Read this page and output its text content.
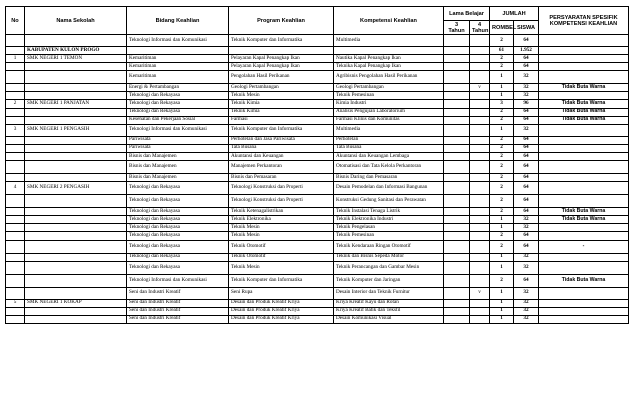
No	Nama Sekolah	Bidang Keahlian	Program Keahlian	Kompetensi Keahlian	Lama Belajar		JUMLAH		PERSYARATAN SPESIFIK KOMPETENSI KEAHLIAN
					3 Tahun	4 Tahun	ROMBEL	SISWA	
		Teknologi Informasi dan Komunikasi	Teknik Komputer dan Informatika	Multimedia			2	64	
	KABUPATEN KULON PROGO						61	1.952	
1	SMK NEGERI 1 TEMON	Kemaritiman	Pelayaran Kapal Penangkap Ikan	Nautika Kapal Penangkap Ikan			2	64	
		Kemaritiman	Pelayaran Kapal Penangkap Ikan	Teknika Kapal Penangkap Ikan			2	64	
		Kemaritiman	Pengolahan Hasil Perikanan	Agribisnis Pengolahan Hasil Perikanan			1	32	
		Energi & Pertambangan	Geologi Pertambangan	Geologi Pertambangan		v	1	32	Tidak Buta Warna
		Teknologi dan Rekayasa	Teknik Mesin	Teknik Pemesinan			1	32	
2	SMK NEGERI 1 PANJATAN	Teknologi dan Rekayasa	Teknik Kimia	Kimia Industri			3	96	Tidak Buta Warna
		Teknologi dan Rekayasa	Teknik Kimia	Analisis Pengujian Laboratorium			2	64	Tidak Buta Warna
		Kesehatan dan Pekerjaan Sosial	Farmasi	Farmasi Klinis dan Komunitas			2	64	Tidak Buta Warna
3	SMK NEGERI 1 PENGASIH	Teknologi Informasi dan Komunikasi	Teknik Komputer dan Informatika	Multimedia			1	32	
		Pariwisata	Perhotelan dan Jasa Pariwisata	Perhotelan			2	64	
		Pariwisata	Tata Busana	Tata Busana			2	64	
		Bisnis dan Manajemen	Akuntansi dan Keuangan	Akuntansi dan Keuangan Lembaga			2	64	
		Bisnis dan Manajemen	Manajemen Perkantoran	Otomatisasi dan Tata Kelola Perkantoran			2	64	
		Bisnis dan Manajemen	Bisnis dan Pemasaran	Bisnis Daring dan Pemasaran			2	64	
4	SMK NEGERI 2 PENGASIH	Teknologi dan Rekayasa	Teknologi Konstruksi dan Properti	Desain Pemodelan dan Informasi Bangunan			2	64	
		Teknologi dan Rekayasa	Teknologi Konstruksi dan Properti	Konstruksi Gedung Sanitasi dan Perawatan			2	64	
		Teknologi dan Rekayasa	Teknik Ketenagalistrikan	Teknik Instalasi Tenaga Listrik			2	64	Tidak Buta Warna
		Teknologi dan Rekayasa	Teknik Elektronika	Teknik Elektronika Industri			1	32	Tidak Buta Warna
		Teknologi dan Rekayasa	Teknik Mesin	Teknik Pengelasan			1	32	
		Teknologi dan Rekayasa	Teknik Mesin	Teknik Pemesinan			2	64	
		Teknologi dan Rekayasa	Teknik Otomotif	Teknik Kendaraan Ringan Otomotif			2	64	-
		Teknologi dan Rekayasa	Teknik Otomotif	Teknik dan Bisnis Sepeda Motor			1	32	
		Teknologi dan Rekayasa	Teknik Mesin	Teknik Perancangan dan Gambar Mesin			1	32	
		Teknologi Informasi dan Komunikasi	Teknik Komputer dan Informatika	Teknik Komputer dan Jaringan			2	64	Tidak Buta Warna
		Seni dan Industri Kreatif	Seni Rupa	Desain Interior dan Teknik Furnitur		v	1	32	
5	SMK NEGERI 1 KOKAP	Seni dan Industri Kreatif	Desain dan Produk Kreatif Kriya	Kriya Kreatif Kayu dan Rotan			1	32	
		Seni dan Industri Kreatif	Desain dan Produk Kreatif Kriya	Kriya Kreatif Batik dan Tekstil			1	32	
		Seni dan Industri Kreatif	Desain dan Produk Kreatif Kriya	Desain Komunikasi Visual			1	32	
